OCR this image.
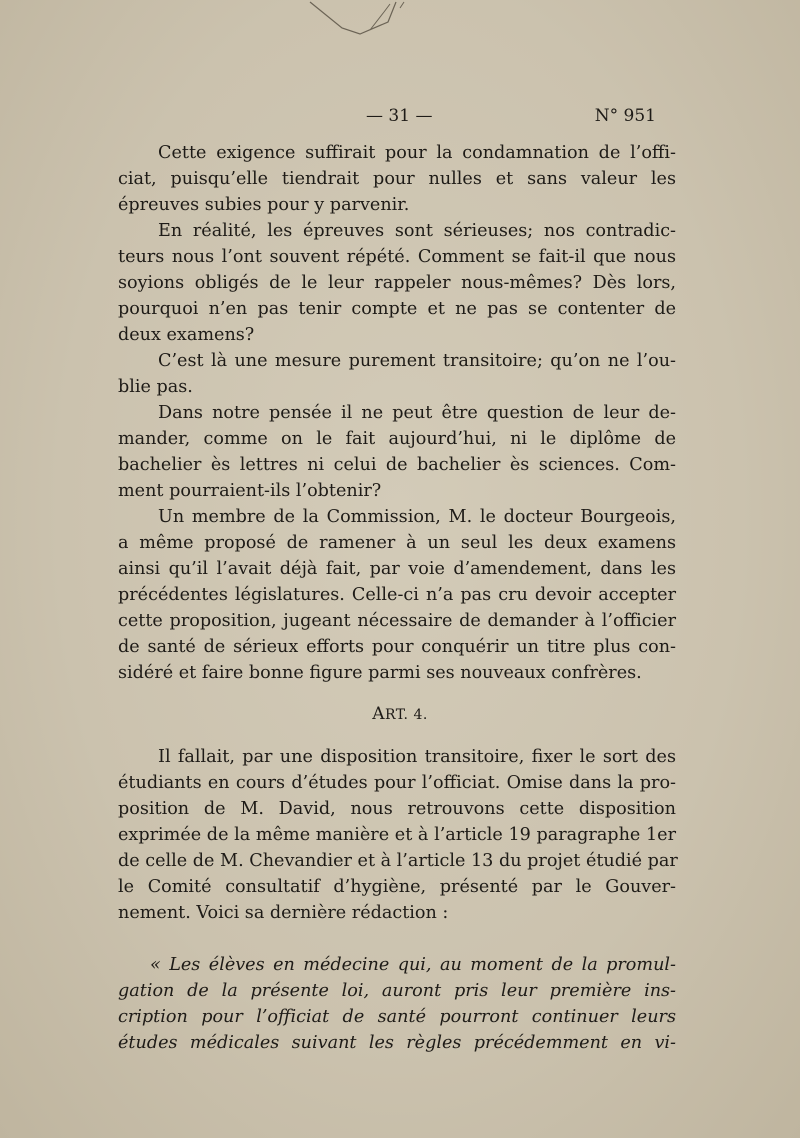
— 31 —	N° 951
Cette exigence suffirait pour la condamnation de l’offi-
ciat, puisqu’elle tiendrait pour nulles et sans valeur les
épreuves subies pour y parvenir.
En réalité, les épreuves sont sérieuses; nos contradic-
teurs nous l’ont souvent répété. Comment se fait-il que nous
soyions obligés de le leur rappeler nous-mêmes? Dès lors,
pourquoi n’en pas tenir compte et ne pas se contenter de
deux examens?
C’est là une mesure purement transitoire; qu’on ne l’ou-
blie pas.
Dans notre pensée il ne peut être question de leur de-
mander, comme on le fait aujourd’hui, ni le diplôme de
bachelier ès lettres ni celui de bachelier ès sciences. Com-
ment pourraient-ils l’obtenir?
Un membre de la Commission, M. le docteur Bourgeois,
a même proposé de ramener à un seul les deux examens
ainsi qu’il l’avait déjà fait, par voie d’amendement, dans les
précédentes législatures. Celle-ci n’a pas cru devoir accepter
cette proposition, jugeant nécessaire de demander à l’officier
de santé de sérieux efforts pour conquérir un titre plus con-
sidéré et faire bonne figure parmi ses nouveaux confrères.
ART. 4.
Il fallait, par une disposition transitoire, fixer le sort des
étudiants en cours d’études pour l’officiat. Omise dans la pro-
position de M. David, nous retrouvons cette disposition
exprimée de la même manière et à l’article 19 paragraphe 1er
de celle de M. Chevandier et à l’article 13 du projet étudié par
le Comité consultatif d’hygiène, présenté par le Gouver-
nement. Voici sa dernière rédaction :
« Les élèves en médecine qui, au moment de la promul-
gation de la présente loi, auront pris leur première ins-
cription pour l’officiat de santé pourront continuer leurs
études médicales suivant les règles précédemment en vi-
